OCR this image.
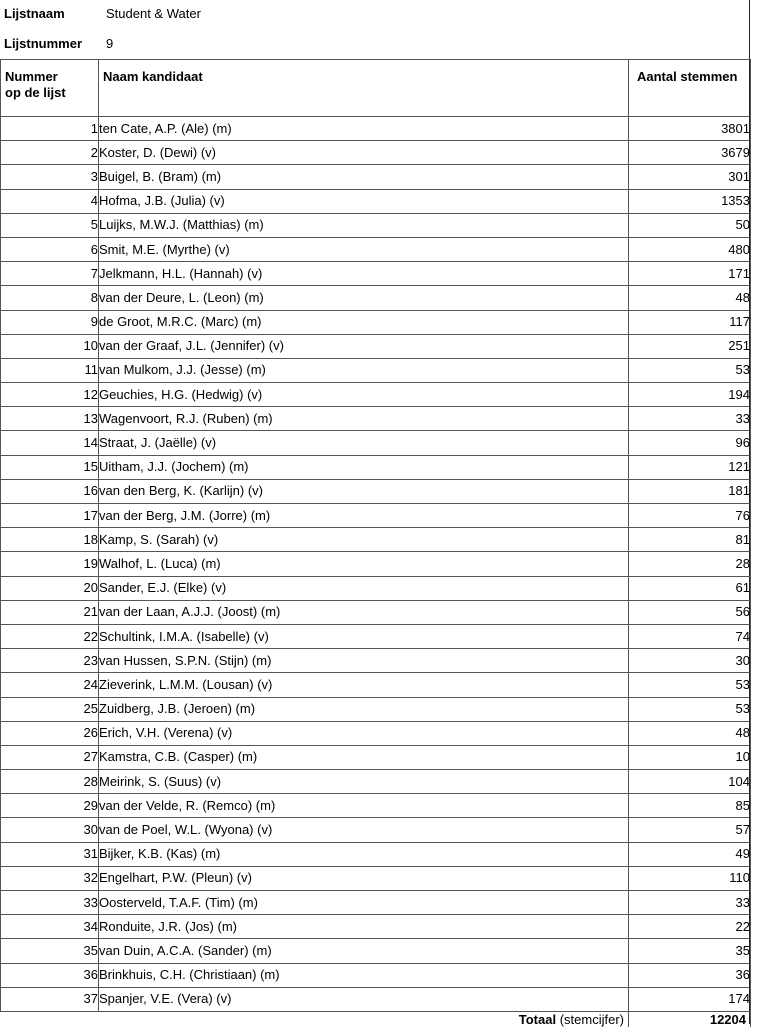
Lijstnaam	Student & Water
Lijstnummer 9
Nummer
op de lijst	Naam kandidaat	Aantal stemmen
1	ten Cate, A.P. (Ale) (m)	3801
2	Koster, D. (Dewi) (v)	3679
3	Buigel, B. (Bram) (m)	301
4	Hofma, J.B. (Julia) (v)	1353
5	Luijks, M.W.J. (Matthias) (m)	50
6	Smit, M.E. (Myrthe) (v)	480
7	Jelkmann, H.L. (Hannah) (v)	171
8	van der Deure, L. (Leon) (m)	48
9	de Groot, M.R.C. (Marc) (m)	117
10	van der Graaf, J.L. (Jennifer) (v)	251
11	van Mulkom, J.J. (Jesse) (m)	53
12	Geuchies, H.G. (Hedwig) (v)	194
13	Wagenvoort, R.J. (Ruben) (m)	33
14	Straat, J. (Jaëlle) (v)	96
15	Uitham, J.J. (Jochem) (m)	121
16	van den Berg, K. (Karlijn) (v)	181
17	van der Berg, J.M. (Jorre) (m)	76
18	Kamp, S. (Sarah) (v)	81
19	Walhof, L. (Luca) (m)	28
20	Sander, E.J. (Elke) (v)	61
21	van der Laan, A.J.J. (Joost) (m)	56
22	Schultink, I.M.A. (Isabelle) (v)	74
23	van Hussen, S.P.N. (Stijn) (m)	30
24	Zieverink, L.M.M. (Lousan) (v)	53
25	Zuidberg, J.B. (Jeroen) (m)	53
26	Erich, V.H. (Verena) (v)	48
27	Kamstra, C.B. (Casper) (m)	10
28	Meirink, S. (Suus) (v)	104
29	van der Velde, R. (Remco) (m)	85
30	van de Poel, W.L. (Wyona) (v)	57
31	Bijker, K.B. (Kas) (m)	49
32	Engelhart, P.W. (Pleun) (v)	110
33	Oosterveld, T.A.F. (Tim) (m)	33
34	Ronduite, J.R. (Jos) (m)	22
35	van Duin, A.C.A. (Sander) (m)	35
36	Brinkhuis, C.H. (Christiaan) (m)	36
37	Spanjer, V.E. (Vera) (v)	174
	Totaal (stemcijfer)	12204
